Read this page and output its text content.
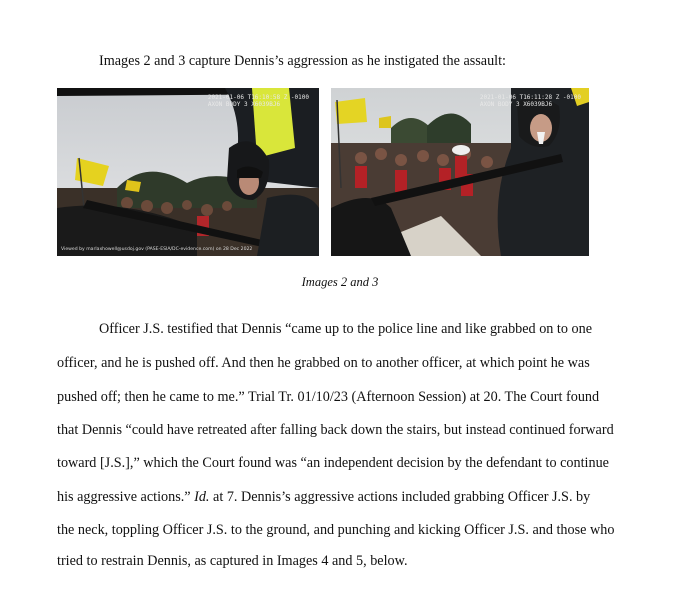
Images 2 and 3 capture Dennis’s aggression as he instigated the assault:
2021-01-06 T16:10:58 Z -0100
AXON BODY 3 X6039BJ6
Viewed by marlaxhowell@usdoj.gov (PASE-ESIA/DC-evidence.com) on 28 Dec 2022
2021-01-06 T16:11:28 Z -0100
AXON BODY 3 X6039BJ6
Images 2 and 3
Officer J.S. testified that Dennis “came up to the police line and like grabbed on to one
officer, and he is pushed off. And then he grabbed on to another officer, at which point he was
pushed off; then he came to me.” Trial Tr. 01/10/23 (Afternoon Session) at 20. The Court found
that Dennis “could have retreated after falling back down the stairs, but instead continued forward
toward [J.S.],” which the Court found was “an independent decision by the defendant to continue
his aggressive actions.” Id. at 7. Dennis’s aggressive actions included grabbing Officer J.S. by
the neck, toppling Officer J.S. to the ground, and punching and kicking Officer J.S. and those who
tried to restrain Dennis, as captured in Images 4 and 5, below.
